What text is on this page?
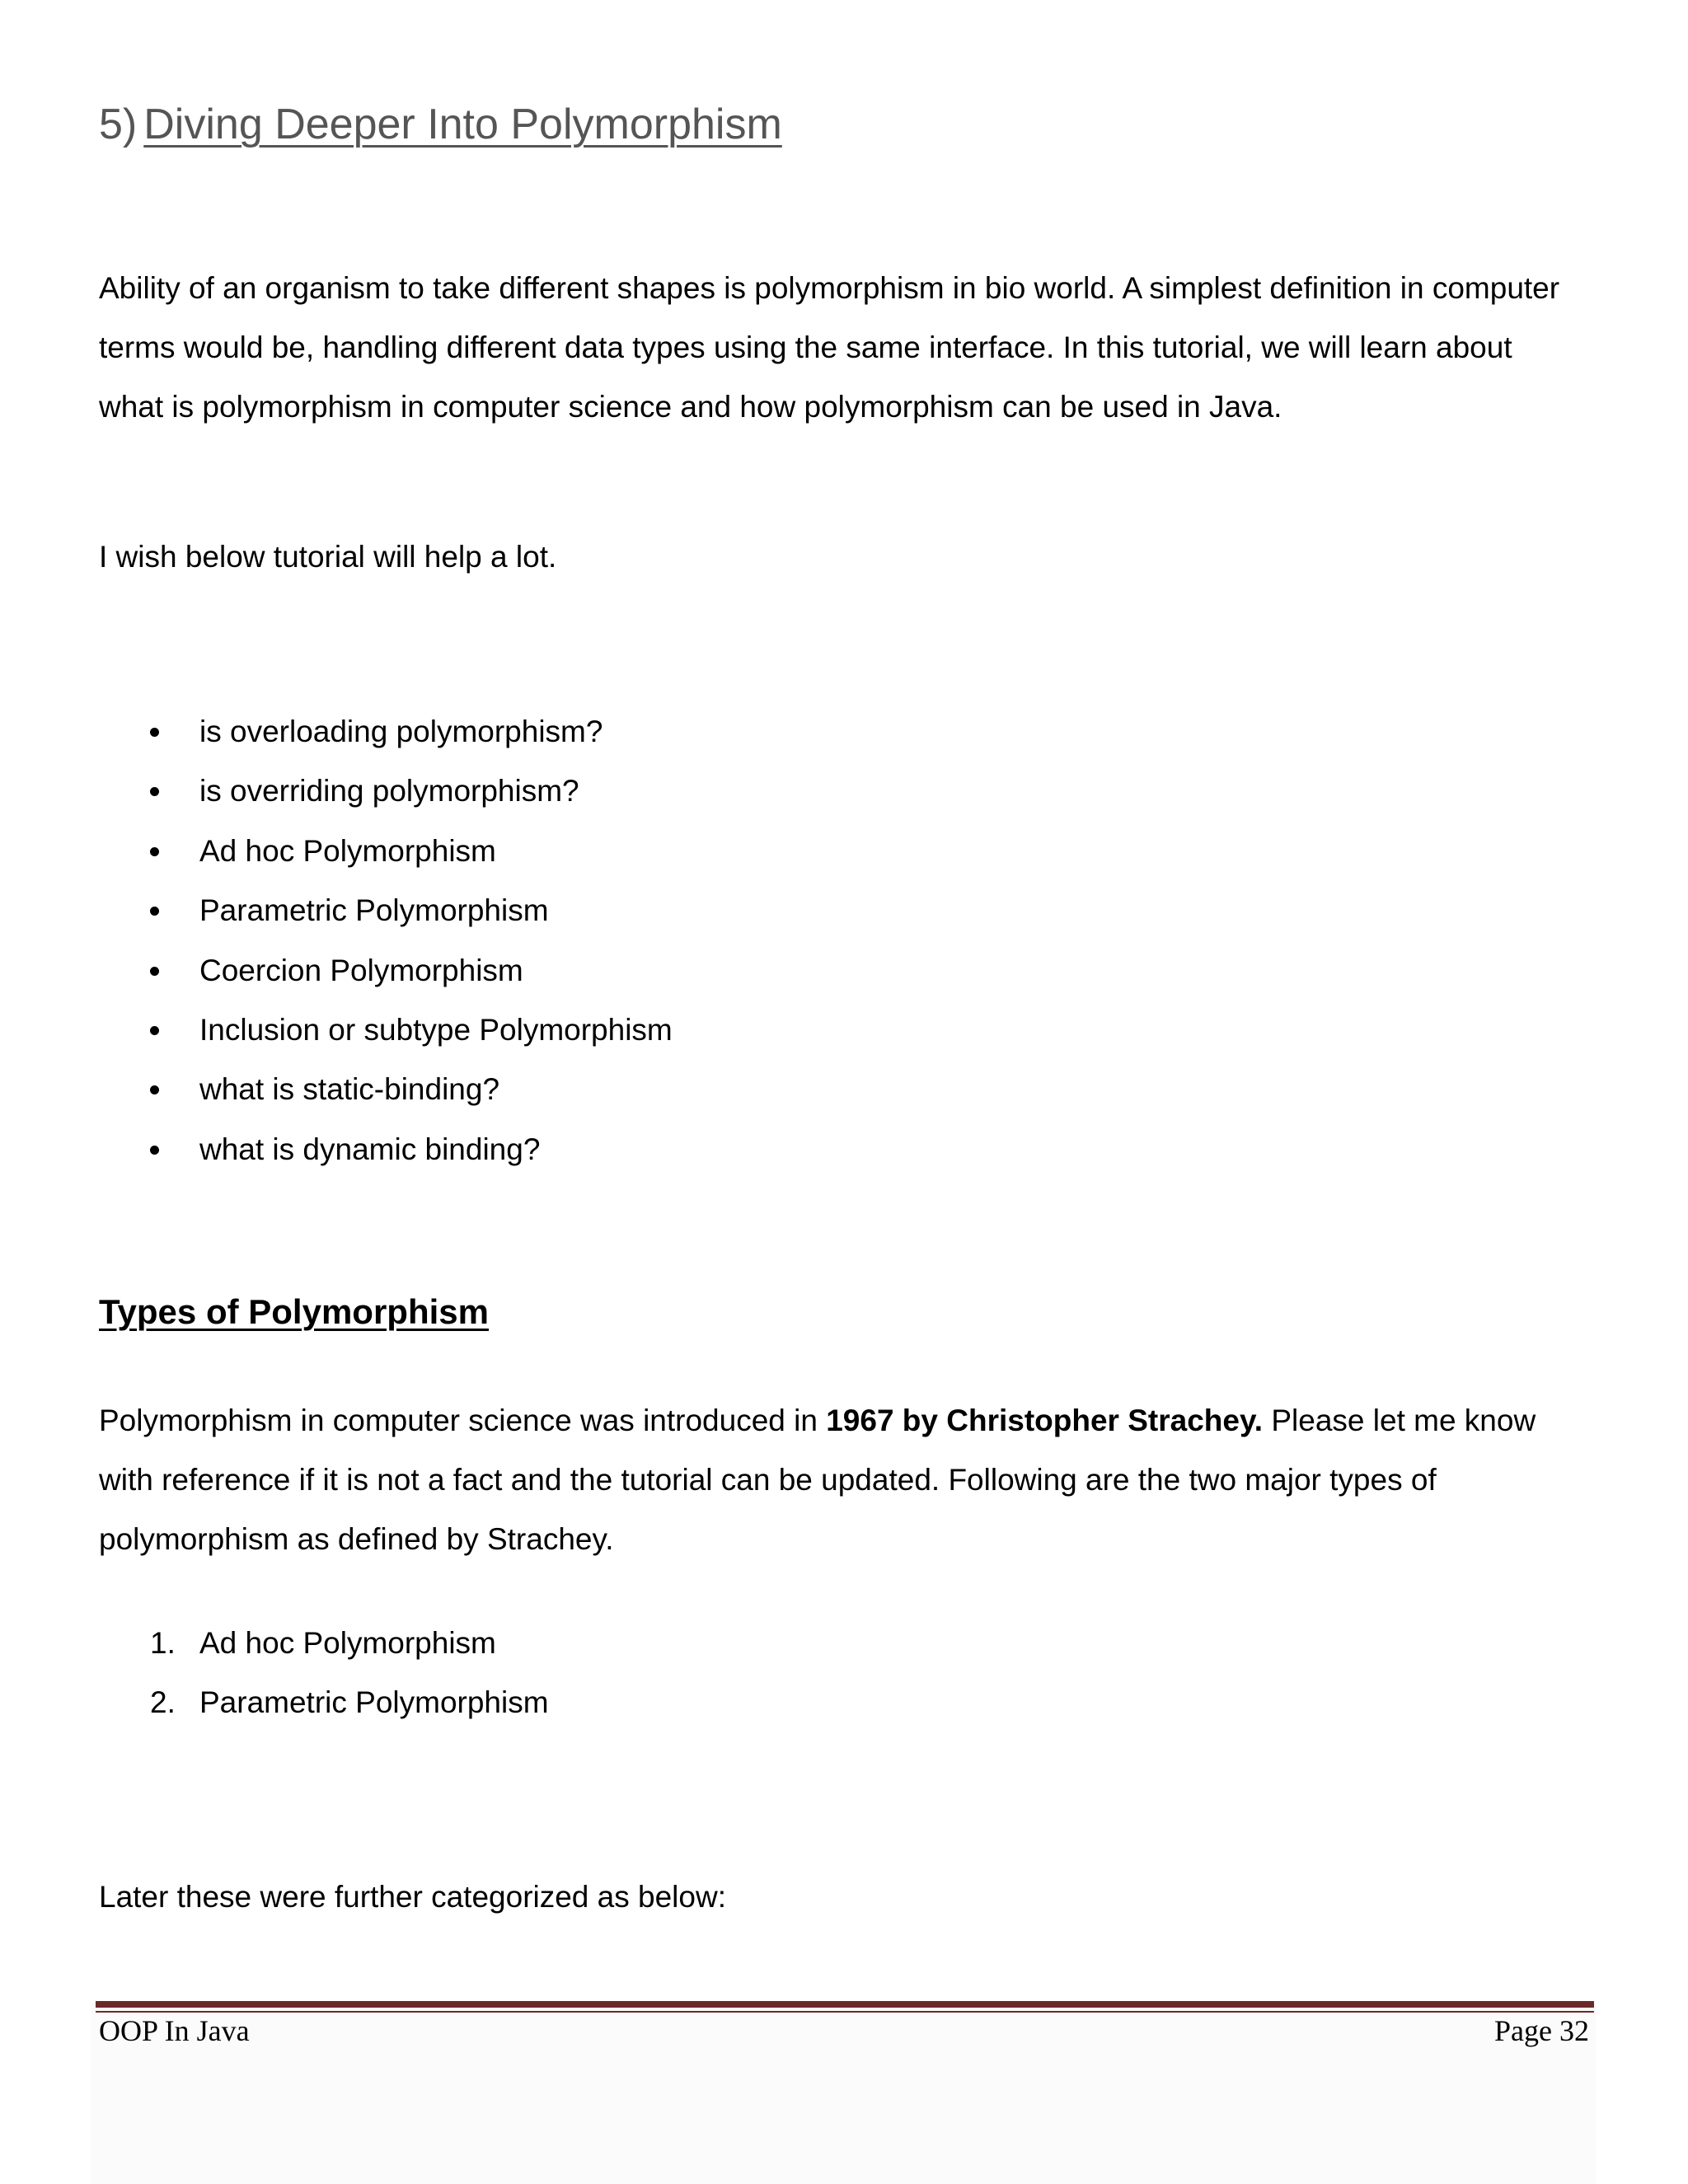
5) Diving Deeper Into Polymorphism

Ability of an organism to take different shapes is polymorphism in bio world. A simplest definition in computer terms would be, handling different data types using the same interface. In this tutorial, we will learn about what is polymorphism in computer science and how polymorphism can be used in Java.

I wish below tutorial will help a lot.

is overloading polymorphism?
is overriding polymorphism?
Ad hoc Polymorphism
Parametric Polymorphism
Coercion Polymorphism
Inclusion or subtype Polymorphism
what is static-binding?
what is dynamic binding?
Types of Polymorphism

Polymorphism in computer science was introduced in 1967 by Christopher Strachey. Please let me know with reference if it is not a fact and the tutorial can be updated. Following are the two major types of polymorphism as defined by Strachey.

1. Ad hoc Polymorphism
2. Parametric Polymorphism

Later these were further categorized as below:

OOP In Java	Page 32
